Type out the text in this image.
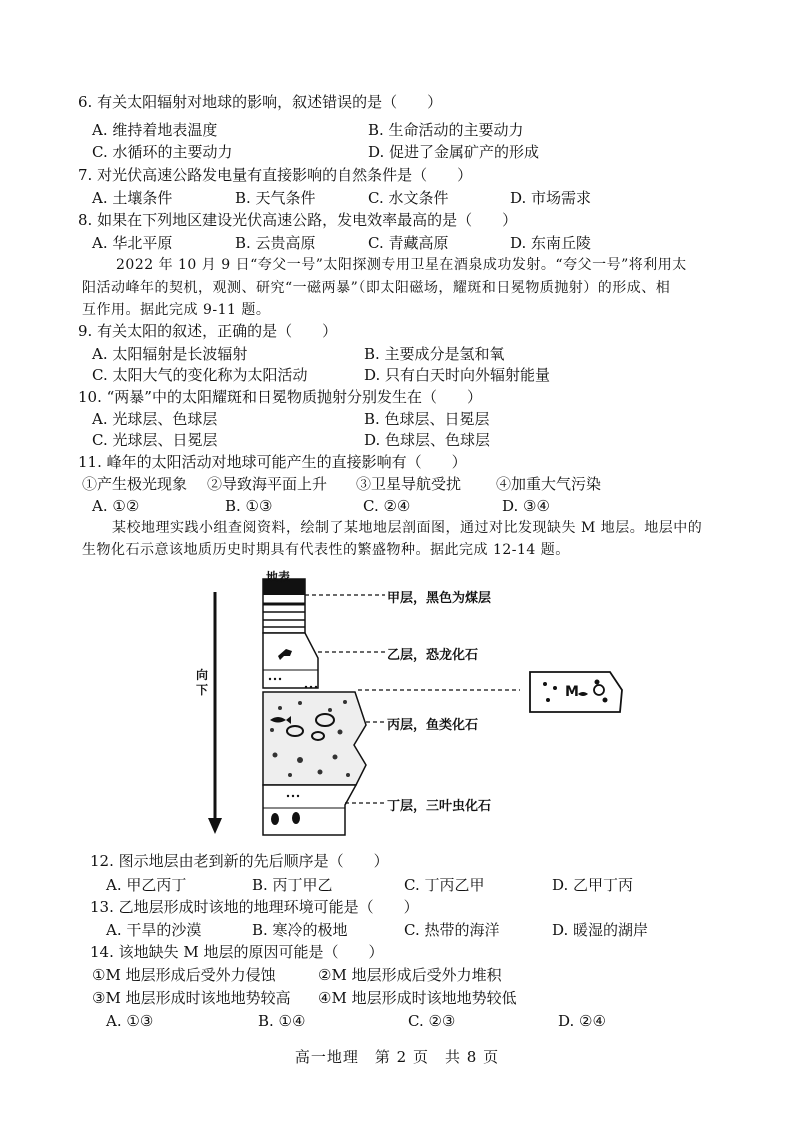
6. 有关太阳辐射对地球的影响，叙述错误的是（　　）
A. 维持着地表温度	B. 生命活动的主要动力
C. 水循环的主要动力	D. 促进了金属矿产的形成
7. 对光伏高速公路发电量有直接影响的自然条件是（　　）
A. 土壤条件	B. 天气条件	C. 水文条件	D. 市场需求
8. 如果在下列地区建设光伏高速公路，发电效率最高的是（　　）
A. 华北平原	B. 云贵高原	C. 青藏高原	D. 东南丘陵
2022 年 10 月 9 日“夸父一号”太阳探测专用卫星在酒泉成功发射。“夸父一号”将利用太
阳活动峰年的契机，观测、研究“一磁两暴”（即太阳磁场，耀斑和日冕物质抛射）的形成、相
互作用。据此完成 9-11 题。
9. 有关太阳的叙述，正确的是（　　）
A. 太阳辐射是长波辐射	B. 主要成分是氢和氧
C. 太阳大气的变化称为太阳活动	D. 只有白天时向外辐射能量
10. “两暴”中的太阳耀斑和日冕物质抛射分别发生在（　　）
A. 光球层、色球层	B. 色球层、日冕层
C. 光球层、日冕层	D. 色球层、色球层
11. 峰年的太阳活动对地球可能产生的直接影响有（　　）
①产生极光现象 ②导致海平面上升 ③卫星导航受扰 ④加重大气污染
A. ①②	B. ①③	C. ②④	D. ③④
某校地理实践小组查阅资料，绘制了某地地层剖面图，通过对比发现缺失 M 地层。地层中的
生物化石示意该地质历史时期具有代表性的繁盛物种。据此完成 12-14 题。
地表
向下
甲层，黑色为煤层
乙层，恐龙化石
丙层，鱼类化石
丁层，三叶虫化石
M
12. 图示地层由老到新的先后顺序是（　　）
A. 甲乙丙丁	B. 丙丁甲乙	C. 丁丙乙甲	D. 乙甲丁丙
13. 乙地层形成时该地的地理环境可能是（　　）
A. 干旱的沙漠	B. 寒冷的极地	C. 热带的海洋	D. 暖湿的湖岸
14. 该地缺失 M 地层的原因可能是（　　）
①M 地层形成后受外力侵蚀	②M 地层形成后受外力堆积
③M 地层形成时该地地势较高 ④M 地层形成时该地地势较低
A. ①③	B. ①④	C. ②③	D. ②④
高一地理　第 2 页　共 8 页
